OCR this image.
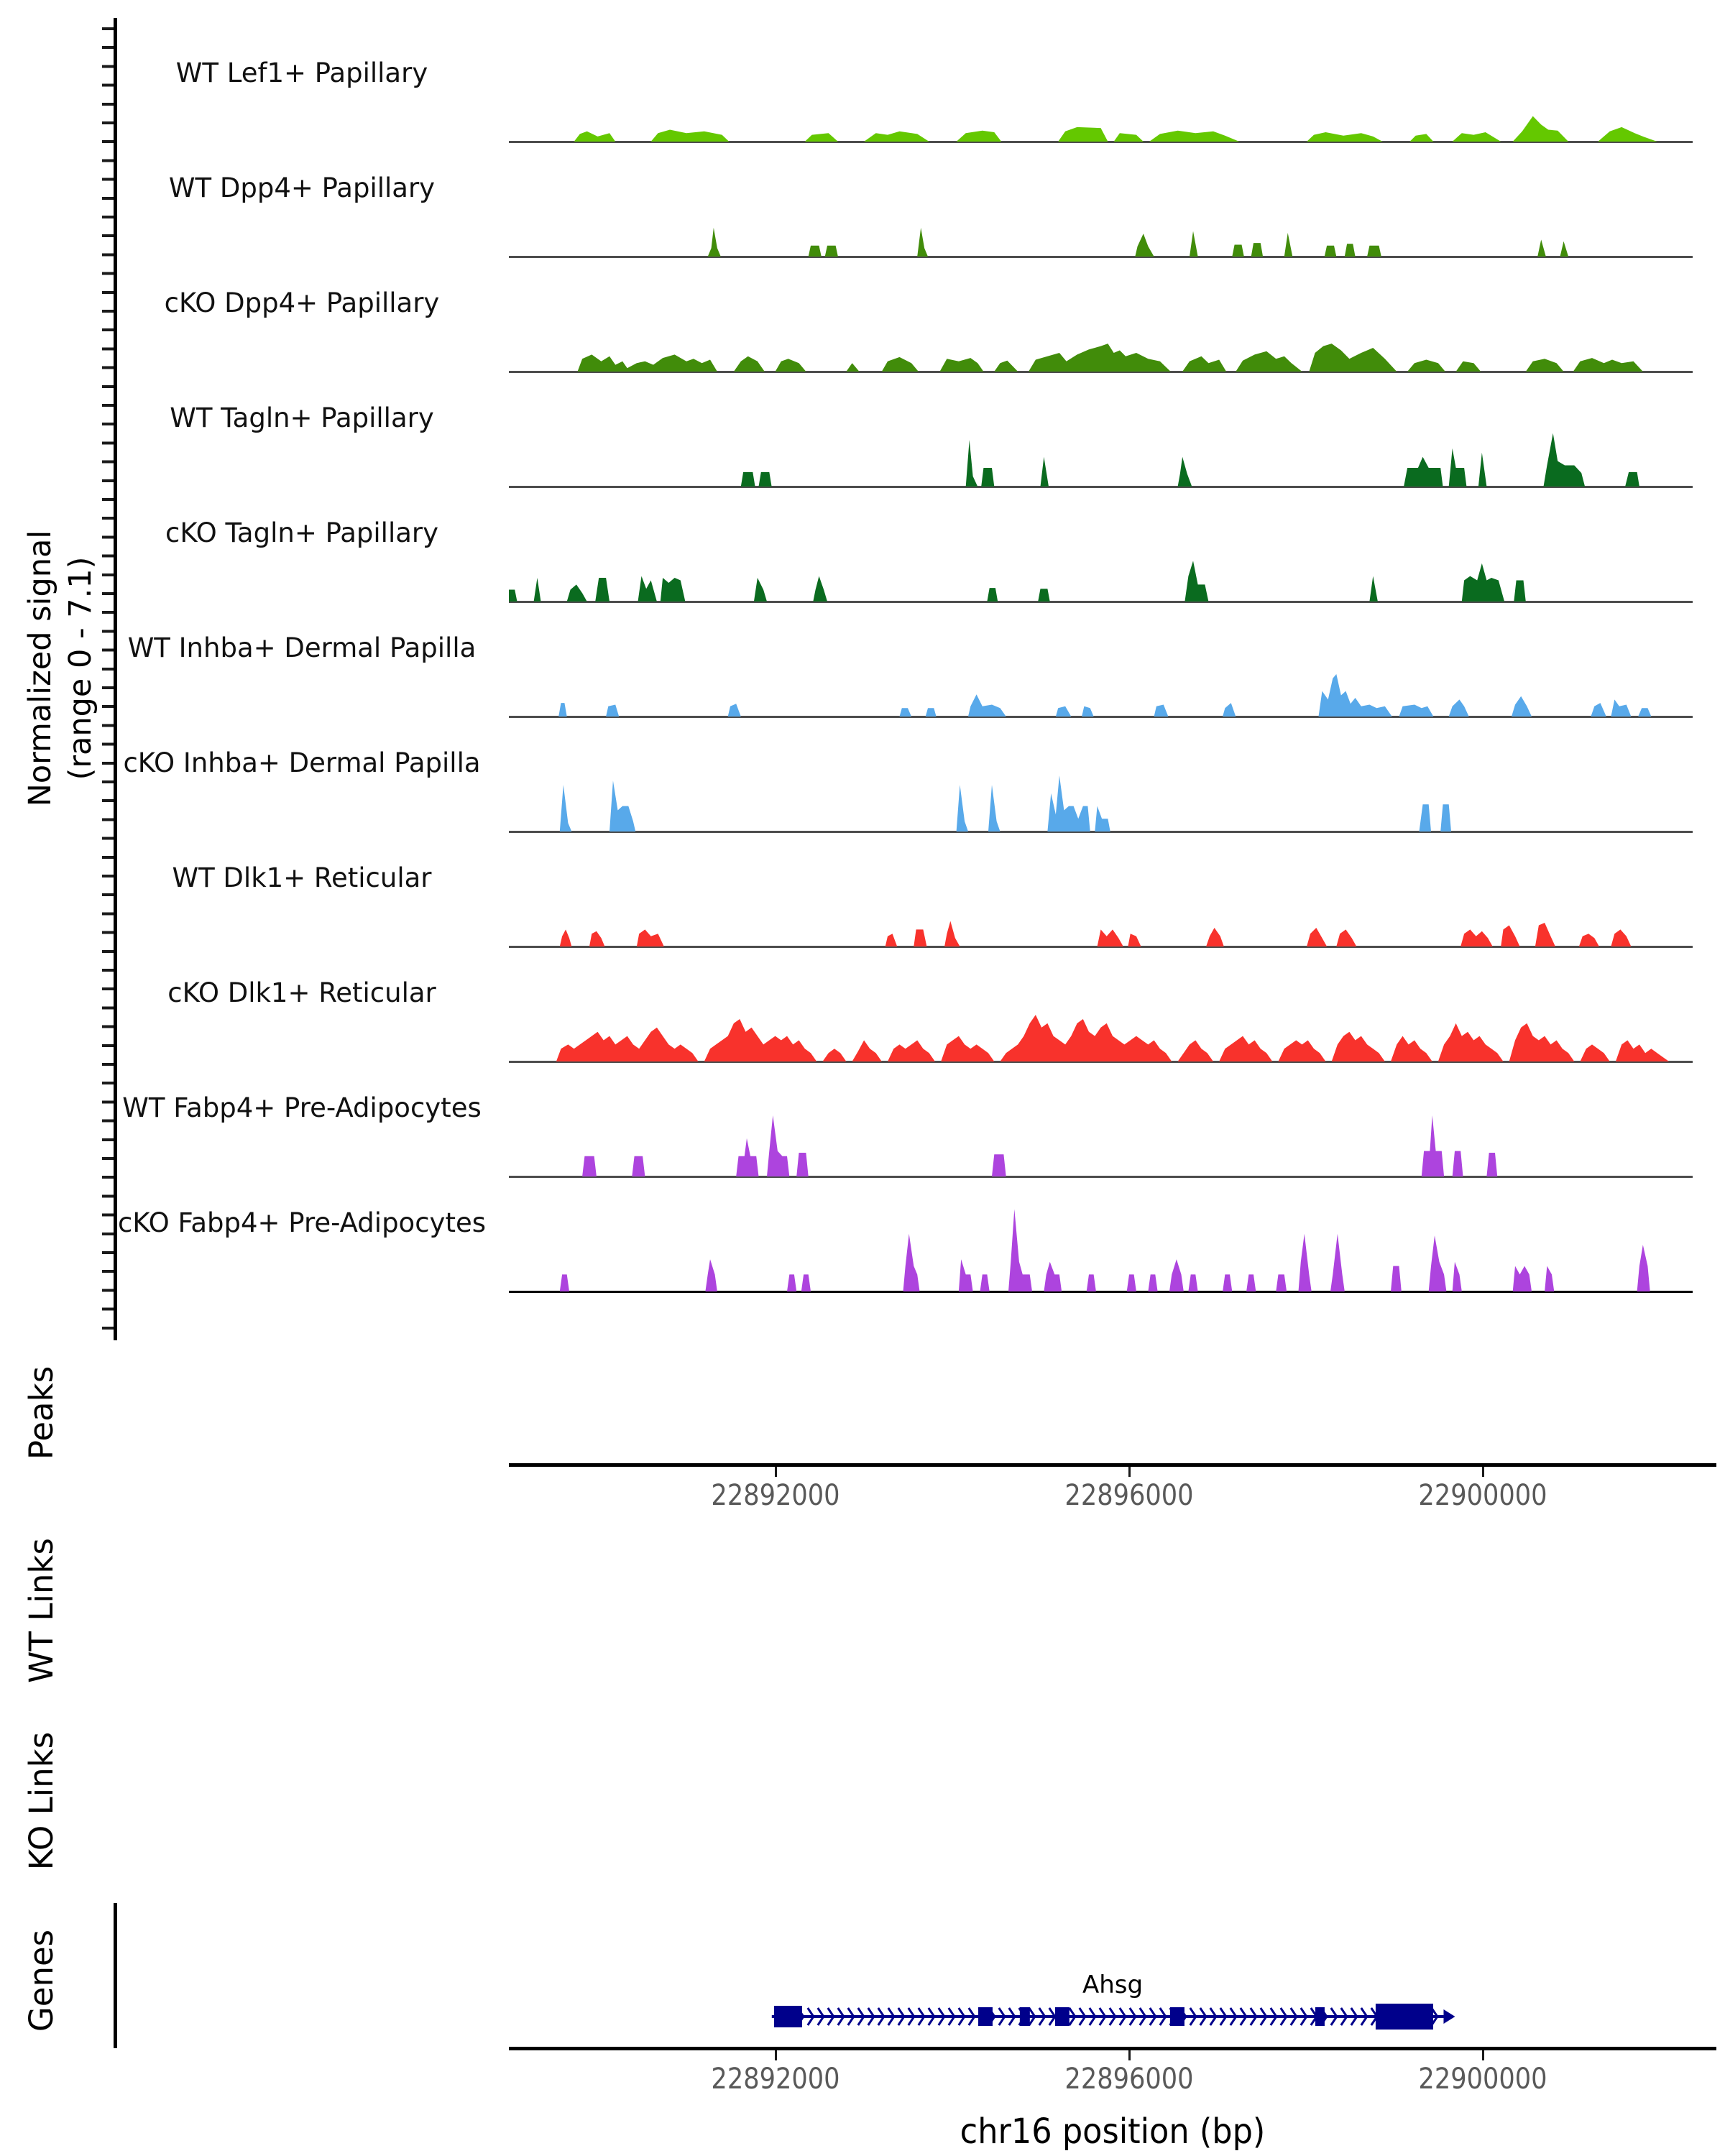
Normalized signal (range 0 - 7.1)
WT Lef1+ Papillary
WT Dpp4+ Papillary
cKO Dpp4+ Papillary
WT Tagln+ Papillary
cKO Tagln+ Papillary
WT Inhba+ Dermal Papilla
cKO Inhba+ Dermal Papilla
WT Dlk1+ Reticular
cKO Dlk1+ Reticular
WT Fabp4+ Pre-Adipocytes
cKO Fabp4+ Pre-Adipocytes
Peaks
WT Links
KO Links
Genes
22892000	22896000	22900000
Ahsg
22892000	22896000	22900000
chr16 position (bp)
